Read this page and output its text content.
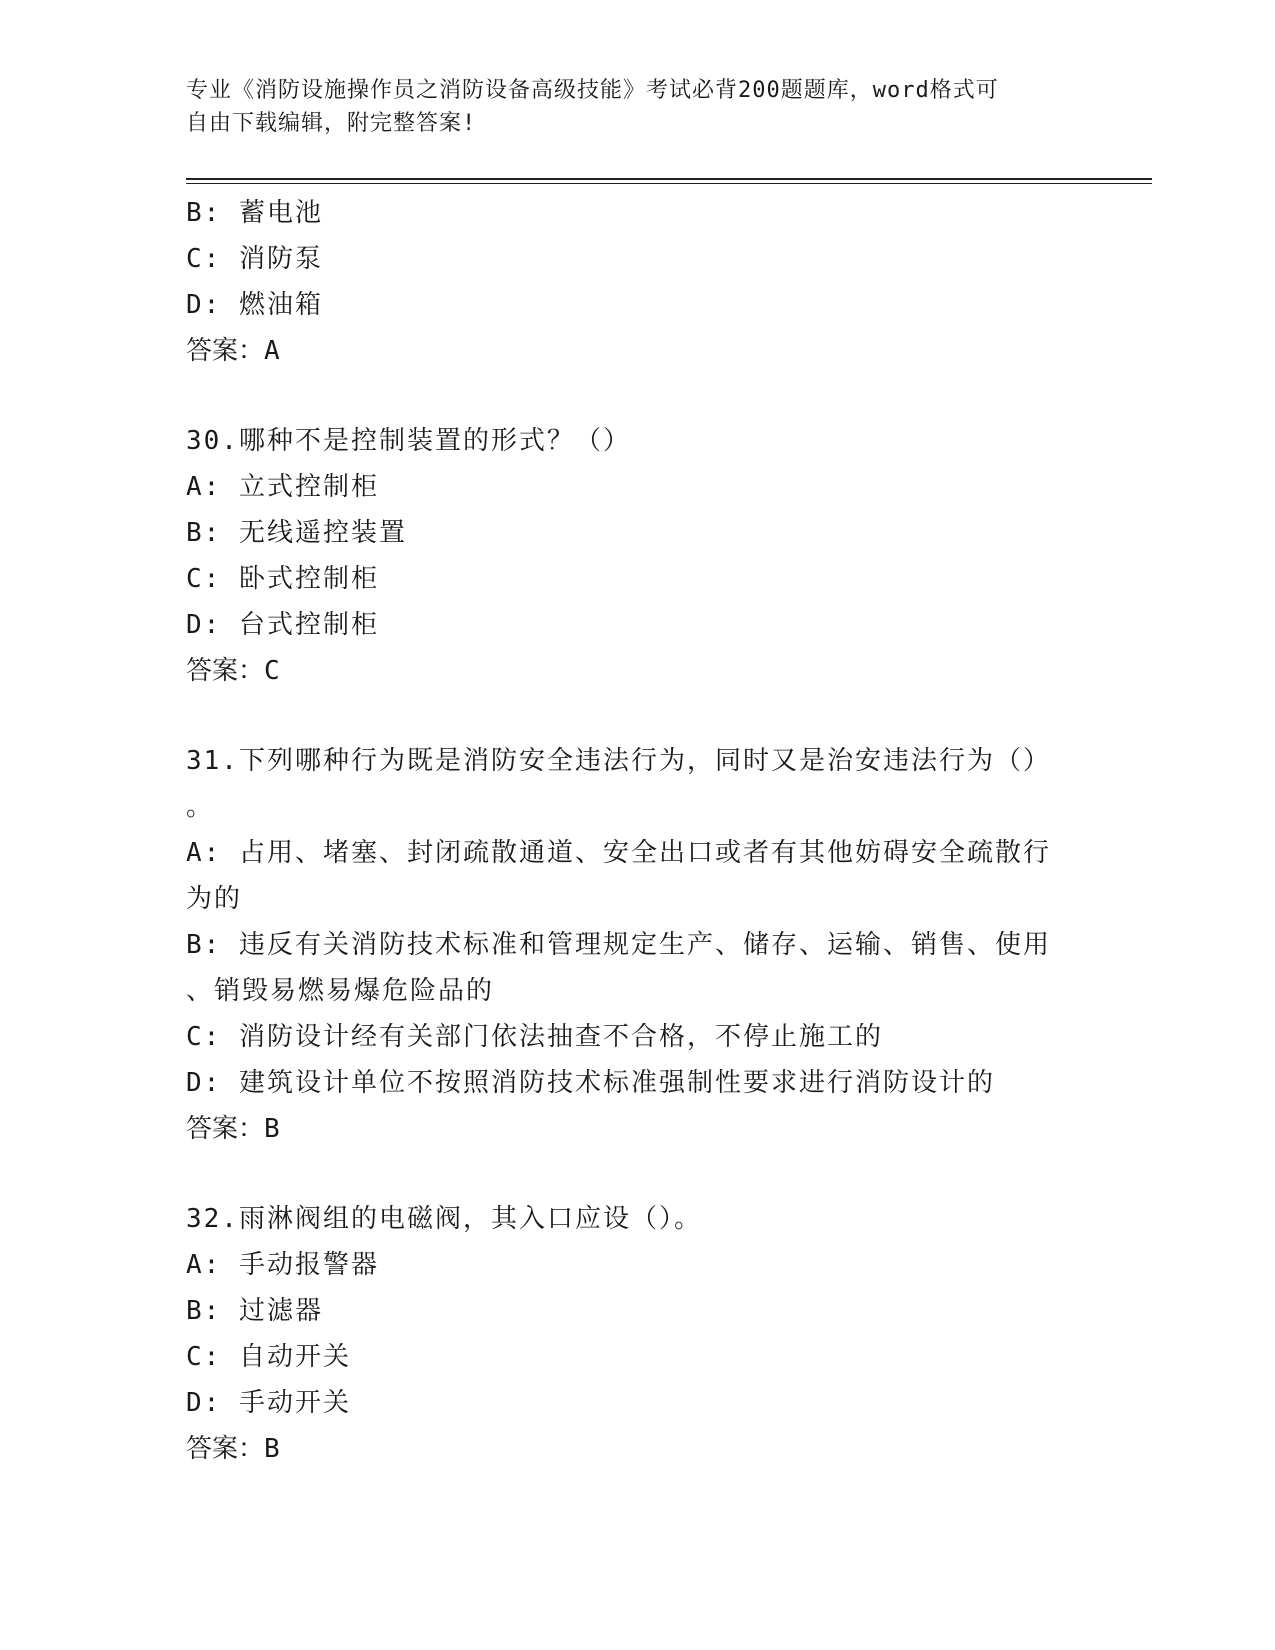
专业《消防设施操作员之消防设备高级技能》考试必背200题题库，word格式可
自由下载编辑，附完整答案!
B: 蓄电池
C: 消防泵
D: 燃油箱
答案：A
30.哪种不是控制装置的形式？（）
A: 立式控制柜
B: 无线遥控装置
C: 卧式控制柜
D: 台式控制柜
答案：C
31.下列哪种行为既是消防安全违法行为，同时又是治安违法行为（）
。
A: 占用、堵塞、封闭疏散通道、安全出口或者有其他妨碍安全疏散行
为的
B: 违反有关消防技术标准和管理规定生产、储存、运输、销售、使用
、销毁易燃易爆危险品的
C: 消防设计经有关部门依法抽查不合格，不停止施工的
D: 建筑设计单位不按照消防技术标准强制性要求进行消防设计的
答案：B
32.雨淋阀组的电磁阀，其入口应设（）。
A: 手动报警器
B: 过滤器
C: 自动开关
D: 手动开关
答案：B
